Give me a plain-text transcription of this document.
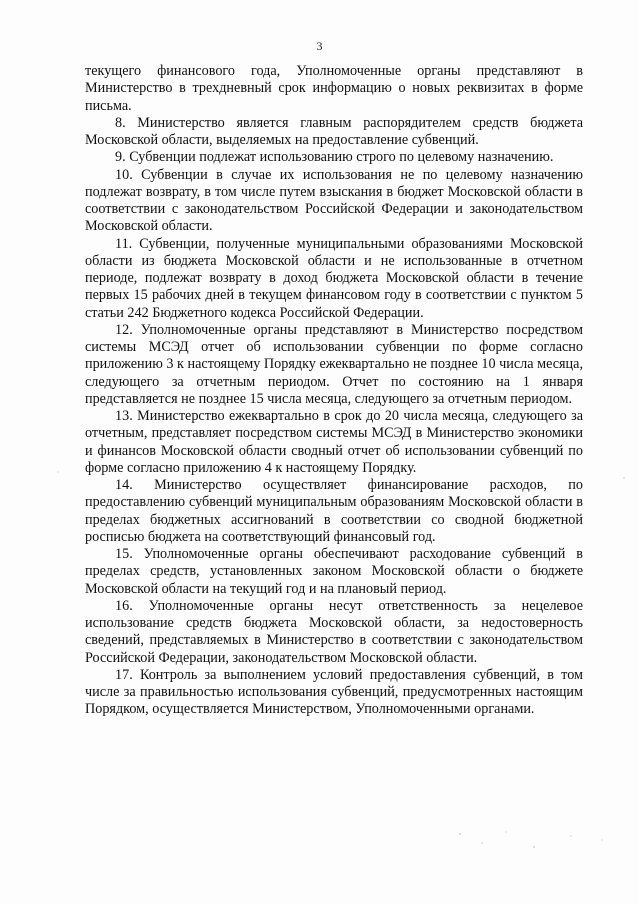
3

текущего финансового года, Уполномоченные органы представляют в Министерство в трехдневный срок информацию о новых реквизитах в форме письма.

8. Министерство является главным распорядителем средств бюджета Московской области, выделяемых на предоставление субвенций.

9. Субвенции подлежат использованию строго по целевому назначению.

10. Субвенции в случае их использования не по целевому назначению подлежат возврату, в том числе путем взыскания в бюджет Московской области в соответствии с законодательством Российской Федерации и законодательством Московской области.

11. Субвенции, полученные муниципальными образованиями Московской области из бюджета Московской области и не использованные в отчетном периоде, подлежат возврату в доход бюджета Московской области в течение первых 15 рабочих дней в текущем финансовом году в соответствии с пунктом 5 статьи 242 Бюджетного кодекса Российской Федерации.

12. Уполномоченные органы представляют в Министерство посредством системы МСЭД отчет об использовании субвенции по форме согласно приложению 3 к настоящему Порядку ежеквартально не позднее 10 числа месяца, следующего за отчетным периодом. Отчет по состоянию на 1 января представляется не позднее 15 числа месяца, следующего за отчетным периодом.

13. Министерство ежеквартально в срок до 20 числа месяца, следующего за отчетным, представляет посредством системы МСЭД в Министерство экономики и финансов Московской области сводный отчет об использовании субвенций по форме согласно приложению 4 к настоящему Порядку.

14. Министерство осуществляет финансирование расходов, по предоставлению субвенций муниципальным образованиям Московской области в пределах бюджетных ассигнований в соответствии со сводной бюджетной росписью бюджета на соответствующий финансовый год.

15. Уполномоченные органы обеспечивают расходование субвенций в пределах средств, установленных законом Московской области о бюджете Московской области на текущий год и на плановый период.

16. Уполномоченные органы несут ответственность за нецелевое использование средств бюджета Московской области, за недостоверность сведений, представляемых в Министерство в соответствии с законодательством Российской Федерации, законодательством Московской области.

17. Контроль за выполнением условий предоставления субвенций, в том числе за правильностью использования субвенций, предусмотренных настоящим Порядком, осуществляется Министерством, Уполномоченными органами.
